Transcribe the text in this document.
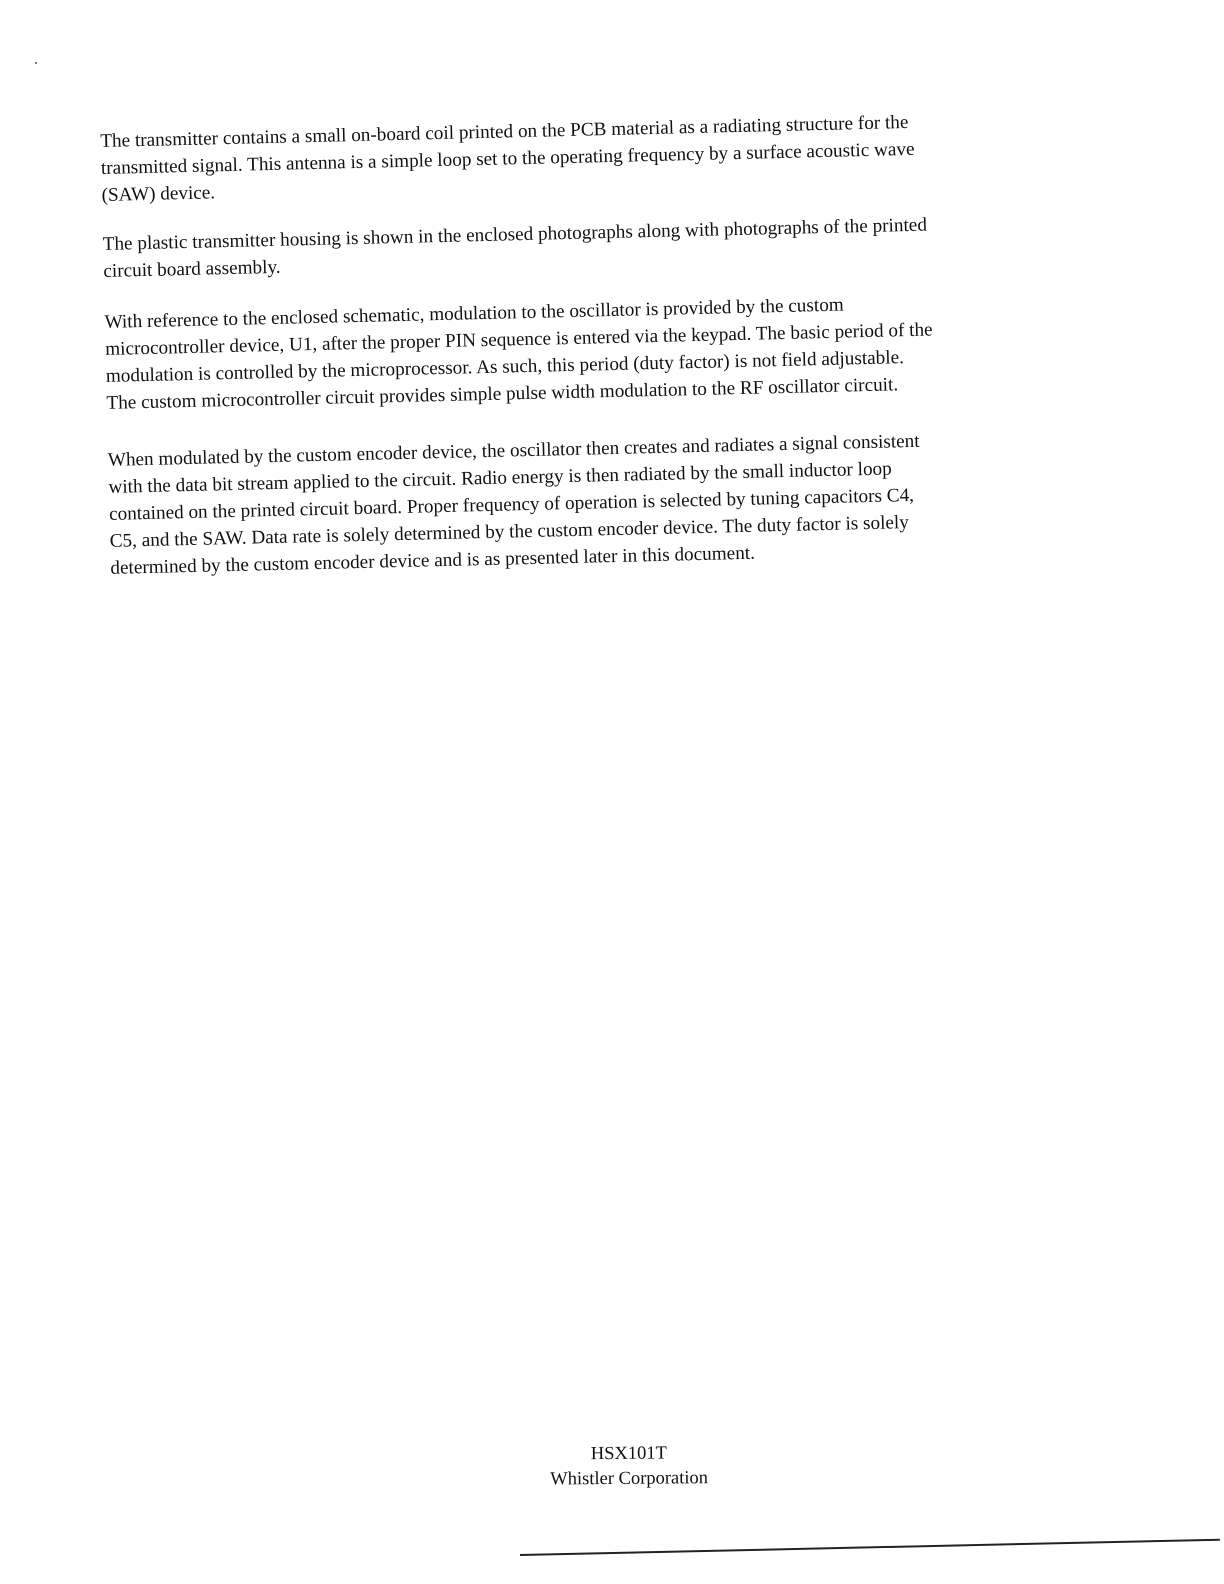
The transmitter contains a small on-board coil printed on the PCB material as a radiating structure for the
transmitted signal. This antenna is a simple loop set to the operating frequency by a surface acoustic wave
(SAW) device.

The plastic transmitter housing is shown in the enclosed photographs along with photographs of the printed
circuit board assembly.

With reference to the enclosed schematic, modulation to the oscillator is provided by the custom
microcontroller device, U1, after the proper PIN sequence is entered via the keypad. The basic period of the
modulation is controlled by the microprocessor. As such, this period (duty factor) is not field adjustable.
The custom microcontroller circuit provides simple pulse width modulation to the RF oscillator circuit.

When modulated by the custom encoder device, the oscillator then creates and radiates a signal consistent
with the data bit stream applied to the circuit. Radio energy is then radiated by the small inductor loop
contained on the printed circuit board. Proper frequency of operation is selected by tuning capacitors C4,
C5, and the SAW. Data rate is solely determined by the custom encoder device. The duty factor is solely
determined by the custom encoder device and is as presented later in this document.

HSX101T
Whistler Corporation
